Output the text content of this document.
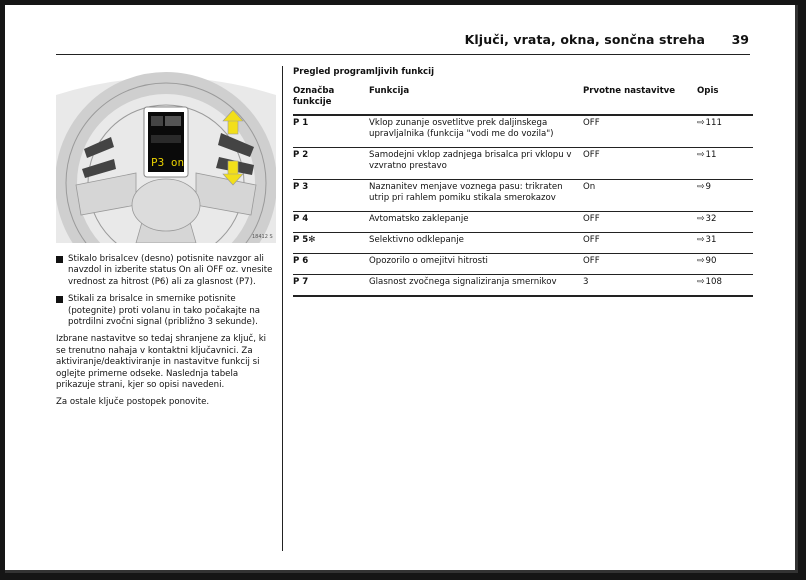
Ključi, vrata, okna, sončna streha 39
P3 on
18412 S
Stikalo brisalcev (desno) potisnite navzgor ali navzdol in izberite status On ali OFF oz. vnesite vrednost za hitrost (P6) ali za glasnost (P7).
Stikali za brisalce in smernike potisnite (potegnite) proti volanu in tako počakajte na potrdilni zvočni signal (približno 3 sekunde).

Izbrane nastavitve so tedaj shranjene za ključ, ki se trenutno nahaja v kontaktni ključavnici. Za aktiviranje/deaktiviranje in nastavitve funkcij si oglejte primerne odseke. Naslednja tabela prikazuje strani, kjer so opisi navedeni.

Za ostale ključe postopek ponovite.

Pregled programljivih funkcij
Označba funkcije	Funkcija	Prvotne nastavitve	Opis
P 1	Vklop zunanje osvetlitve prek daljinskega upravljalnika (funkcija "vodi me do vozila")	OFF	⇨111
P 2	Samodejni vklop zadnjega brisalca pri vklopu v vzvratno prestavo	OFF	⇨11
P 3	Naznanitev menjave voznega pasu: trikraten utrip pri rahlem pomiku stikala smerokazov	On	⇨9
P 4	Avtomatsko zaklepanje	OFF	⇨32
P 5✻	Selektivno odklepanje	OFF	⇨31
P 6	Opozorilo o omejitvi hitrosti	OFF	⇨90
P 7	Glasnost zvočnega signaliziranja smernikov	3	⇨108
